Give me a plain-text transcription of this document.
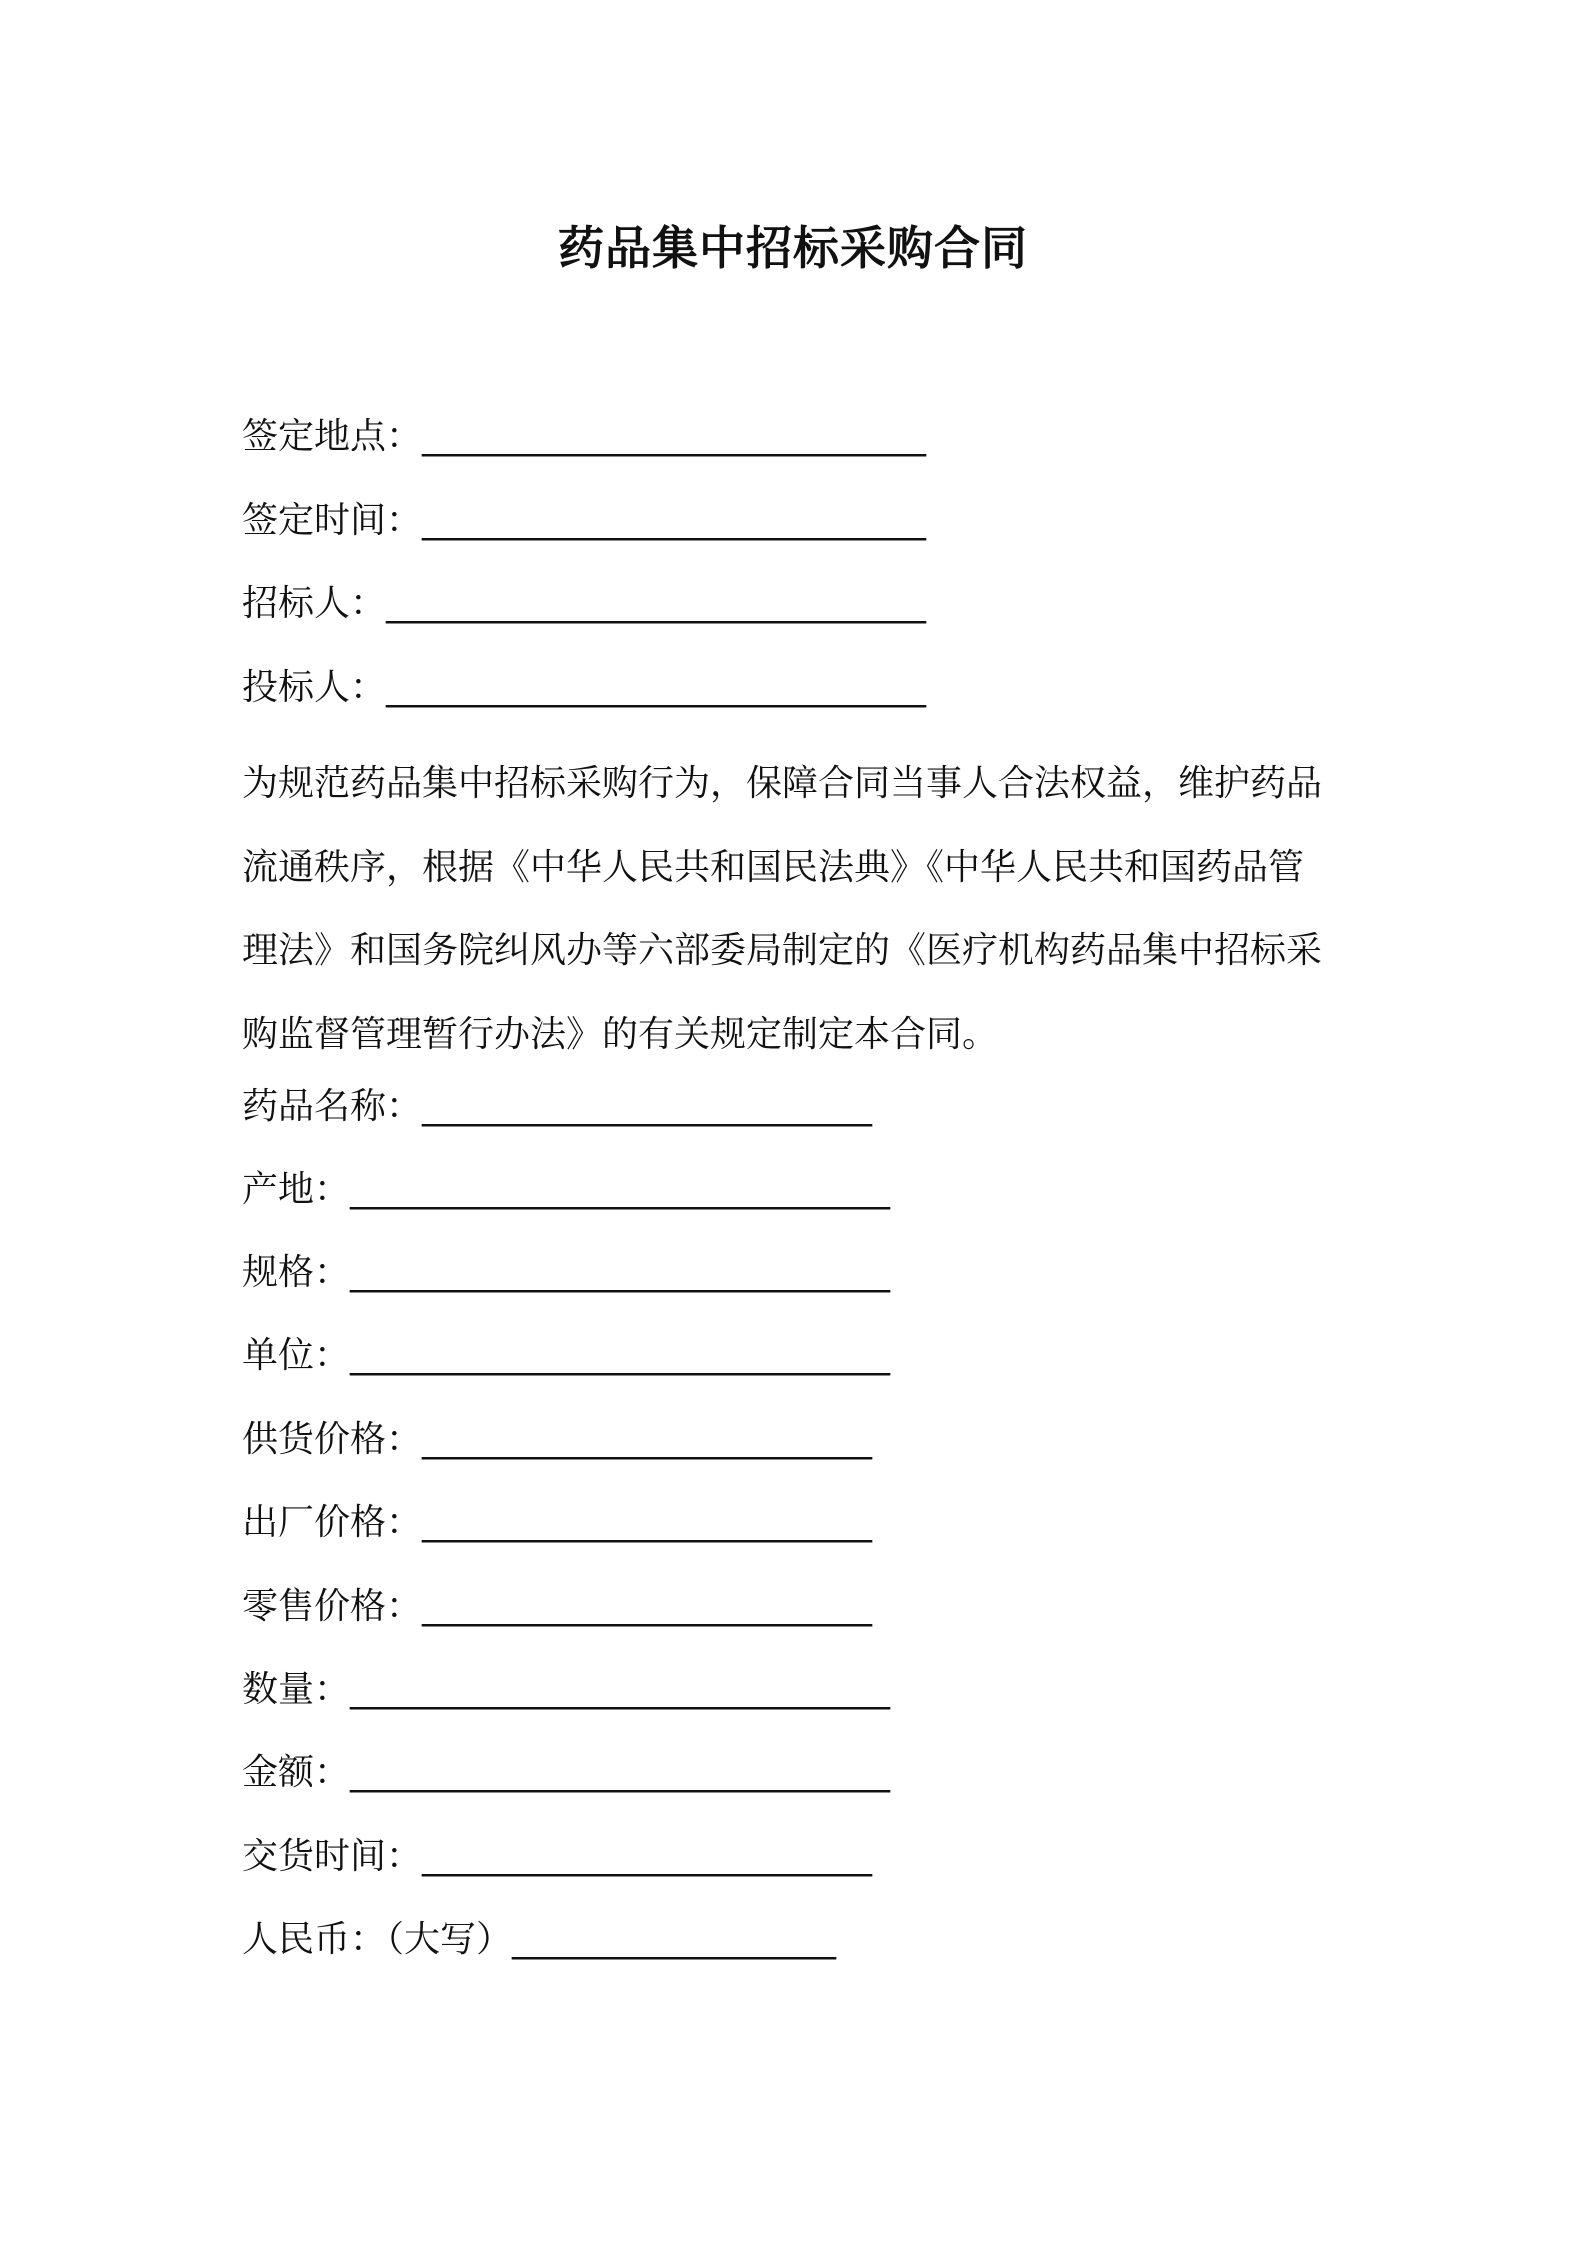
药品集中招标采购合同
签定地点：____________________________
签定时间：____________________________
招标人：______________________________
投标人：______________________________
为规范药品集中招标采购行为，保障合同当事人合法权益，维护药品
流通秩序，根据《中华人民共和国民法典》《中华人民共和国药品管
理法》和国务院纠风办等六部委局制定的《医疗机构药品集中招标采
购监督管理暂行办法》的有关规定制定本合同。
药品名称：_________________________
产地：______________________________
规格：______________________________
单位：______________________________
供货价格：_________________________
出厂价格：_________________________
零售价格：_________________________
数量：______________________________
金额：______________________________
交货时间：_________________________
人民币：（大写）__________________
